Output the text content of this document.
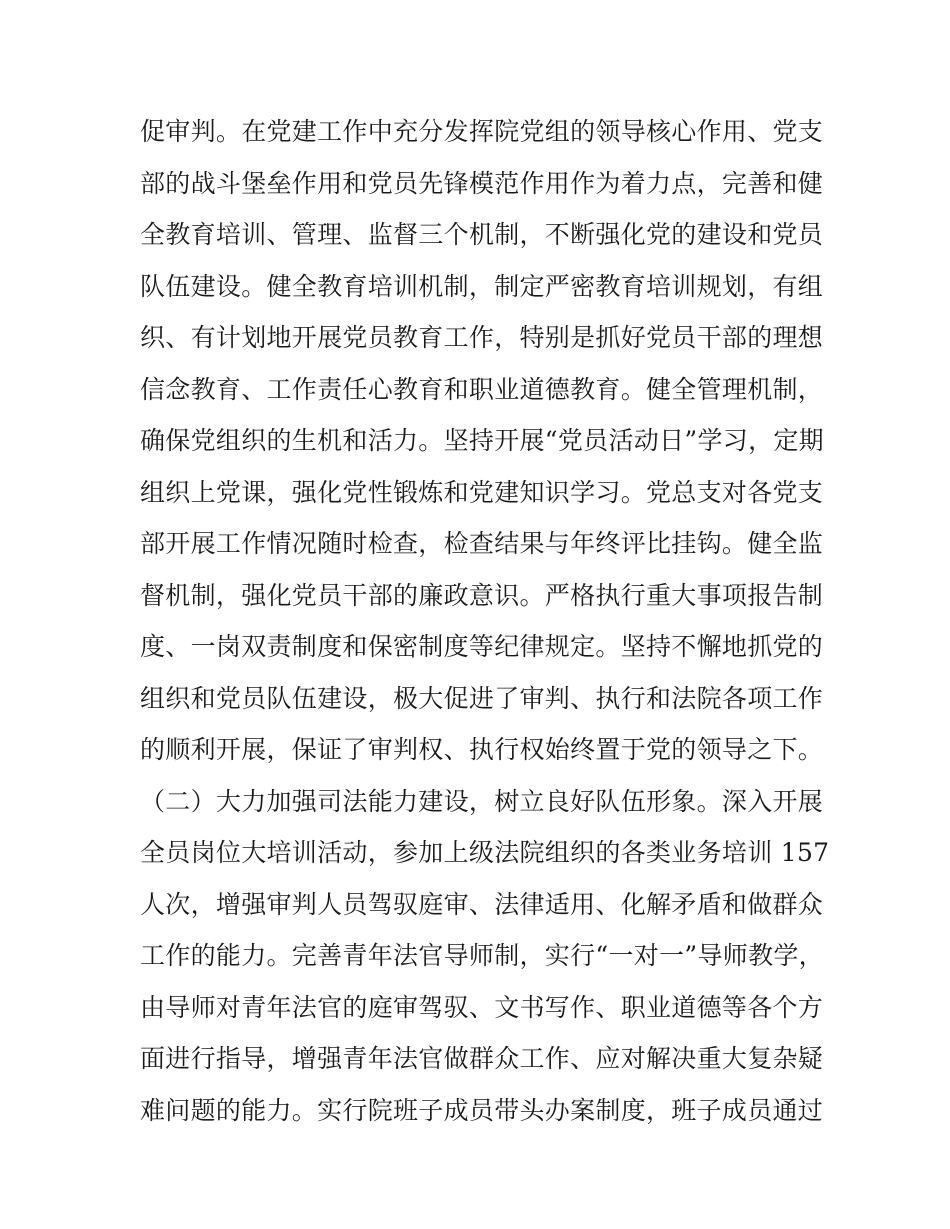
促审判。在党建工作中充分发挥院党组的领导核心作用、党支
部的战斗堡垒作用和党员先锋模范作用作为着力点，完善和健
全教育培训、管理、监督三个机制，不断强化党的建设和党员
队伍建设。健全教育培训机制，制定严密教育培训规划，有组
织、有计划地开展党员教育工作，特别是抓好党员干部的理想
信念教育、工作责任心教育和职业道德教育。健全管理机制，
确保党组织的生机和活力。坚持开展“党员活动日”学习，定期
组织上党课，强化党性锻炼和党建知识学习。党总支对各党支
部开展工作情况随时检查，检查结果与年终评比挂钩。健全监
督机制，强化党员干部的廉政意识。严格执行重大事项报告制
度、一岗双责制度和保密制度等纪律规定。坚持不懈地抓党的
组织和党员队伍建设，极大促进了审判、执行和法院各项工作
的顺利开展，保证了审判权、执行权始终置于党的领导之下。
（二）大力加强司法能力建设，树立良好队伍形象。深入开展
全员岗位大培训活动，参加上级法院组织的各类业务培训 157
人次，增强审判人员驾驭庭审、法律适用、化解矛盾和做群众
工作的能力。完善青年法官导师制，实行“一对一”导师教学，
由导师对青年法官的庭审驾驭、文书写作、职业道德等各个方
面进行指导，增强青年法官做群众工作、应对解决重大复杂疑
难问题的能力。实行院班子成员带头办案制度，班子成员通过
